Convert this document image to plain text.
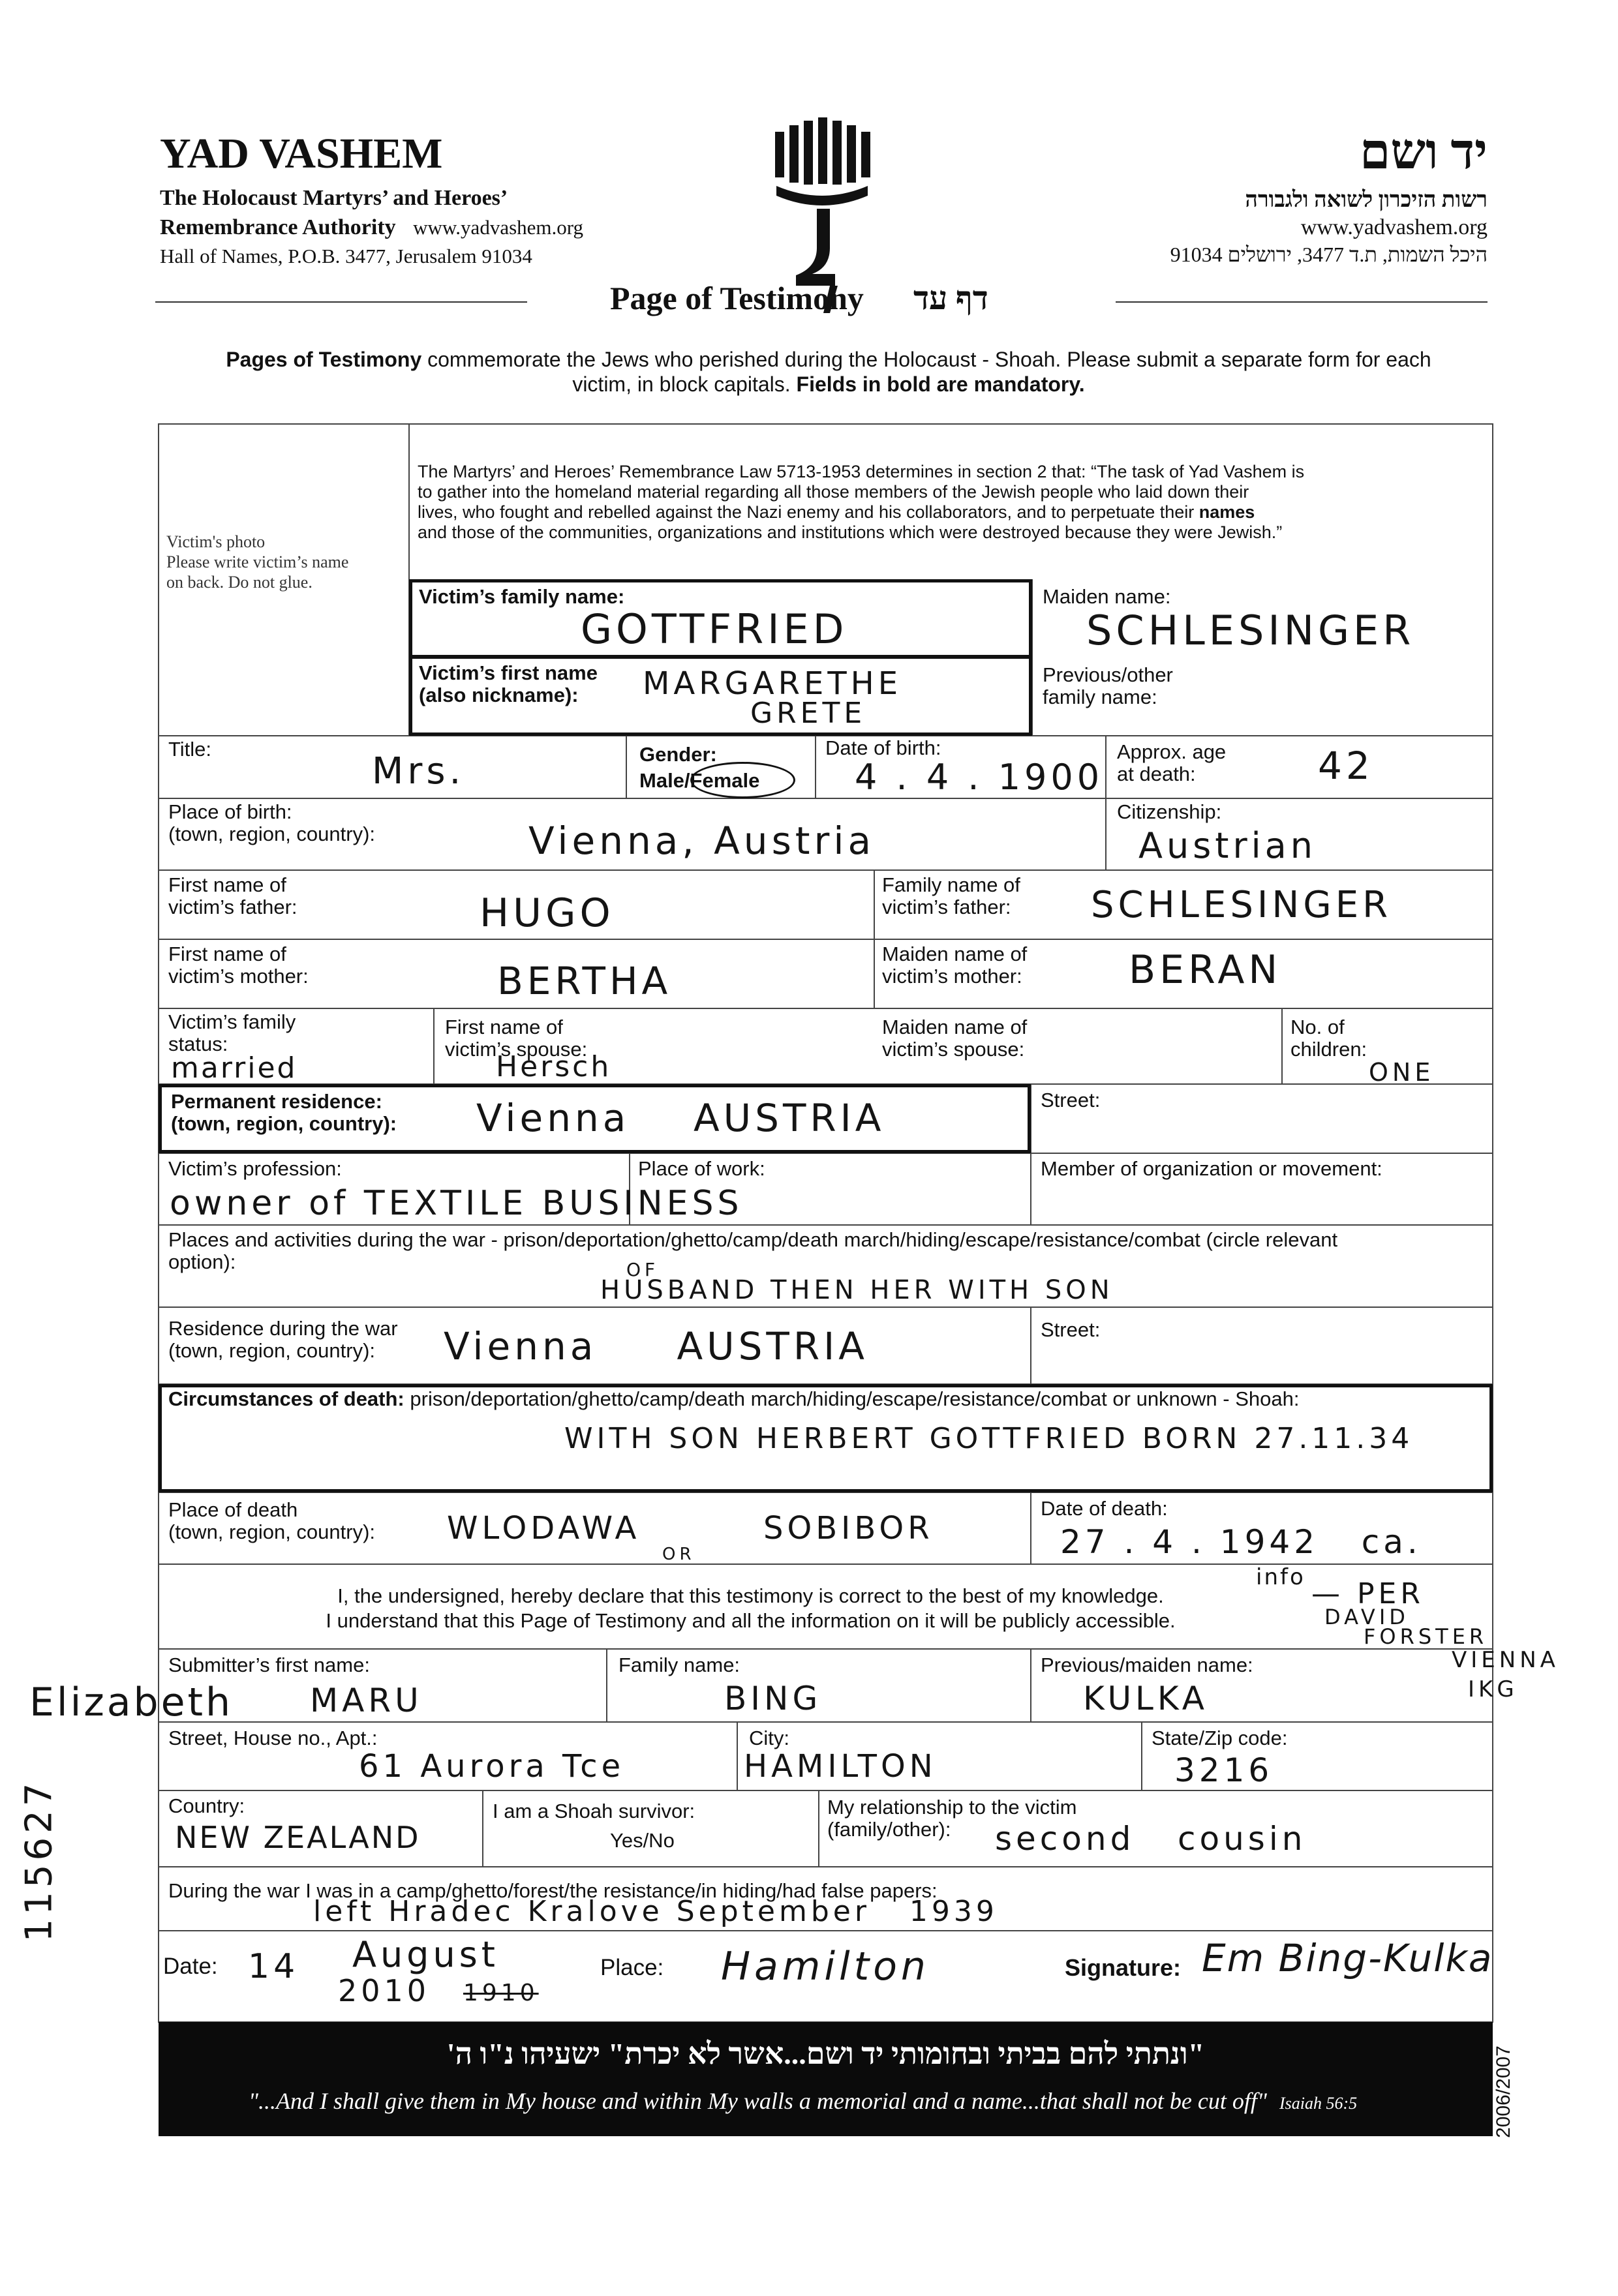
YAD VASHEM
The Holocaust Martyrs’ and Heroes’
Remembrance Authority www.yadvashem.org
Hall of Names, P.O.B. 3477, Jerusalem 91034
יד ושם
רשות הזיכרון לשואה ולגבורה
www.yadvashem.org
היכל השמות, ת.ד 3477, ירושלים 91034
Page of Testimony דף עד
Pages of Testimony commemorate the Jews who perished during the Holocaust - Shoah. Please submit a separate form for each
victim, in block capitals. Fields in bold are mandatory.
Victim's photo
Please write victim’s name
on back. Do not glue.
The Martyrs’ and Heroes’ Remembrance Law 5713-1953 determines in section 2 that: “The task of Yad Vashem is
to gather into the homeland material regarding all those members of the Jewish people who laid down their
lives, who fought and rebelled against the Nazi enemy and his collaborators, and to perpetuate their names
and those of the communities, organizations and institutions which were destroyed because they were Jewish.”
Victim’s family name:
GOTTFRIED
Maiden name:
SCHLESINGER
Victim’s first name
(also nickname):	MARGARETHE
GRETE
Previous/other
family name:
Title:
Mrs.	Gender:
Male/Female
Date of birth:
4 . 4 . 1900
Approx. age
at death:	42
Place of birth:
(town, region, country):	Vienna, Austria
Citizenship:
Austrian
First name of
victim’s father:	HUGO
Family name of
victim’s father: SCHLESINGER
First name of
victim’s mother:	BERTHA
Maiden name of
victim’s mother:	BERAN
Victim’s family
status:
married
First name of
victim’s spouse:
Hersch
Maiden name of
victim’s spouse:
No. of
children:
ONE
Permanent residence:
(town, region, country): Vienna    AUSTRIA	Street:
Victim’s profession:
owner of TEXTILE BUSINESS
Place of work:	Member of organization or movement:
Places and activities during the war - prison/deportation/ghetto/camp/death march/hiding/escape/resistance/combat (circle relevant
option):	OF
HUSBAND THEN HER WITH SON
Residence during the war
(town, region, country):	Vienna     AUSTRIA	Street:
Circumstances of death: prison/deportation/ghetto/camp/death march/hiding/escape/resistance/combat or unknown - Shoah:
WITH SON HERBERT GOTTFRIED BORN 27.11.34
Place of death
(town, region, country): WLODAWA
OR
SOBIBOR
Date of death:
27 . 4 . 1942   ca.
I, the undersigned, hereby declare that this testimony is correct to the best of my knowledge.
I understand that this Page of Testimony and all the information on it will be publicly accessible.
info — PER
DAVID
FORSTER
VIENNA
IKG
Submitter’s first name:
Elizabeth MARU
Family name:
BING
Previous/maiden name:
KULKA
Street, House no., Apt.:
61 Aurora Tce
City:
HAMILTON
State/Zip code:
3216
Country:
NEW ZEALAND
I am a Shoah survivor:
Yes/No
My relationship to the victim
(family/other):	second   cousin
During the war I was in a camp/ghetto/forest/the resistance/in hiding/had false papers:
left Hradec Kralove September   1939
Date: 14 August
2010 1910
Place: Hamilton	Signature: Em Bing-Kulka
115627
"ונתתי להם בביתי ובחומותי יד ושם...אשר לא יכרת" ישעיהו נ"ו ה'
"...And I shall give them in My house and within My walls a memorial and a name...that shall not be cut off" Isaiah 56:5	2006/2007
